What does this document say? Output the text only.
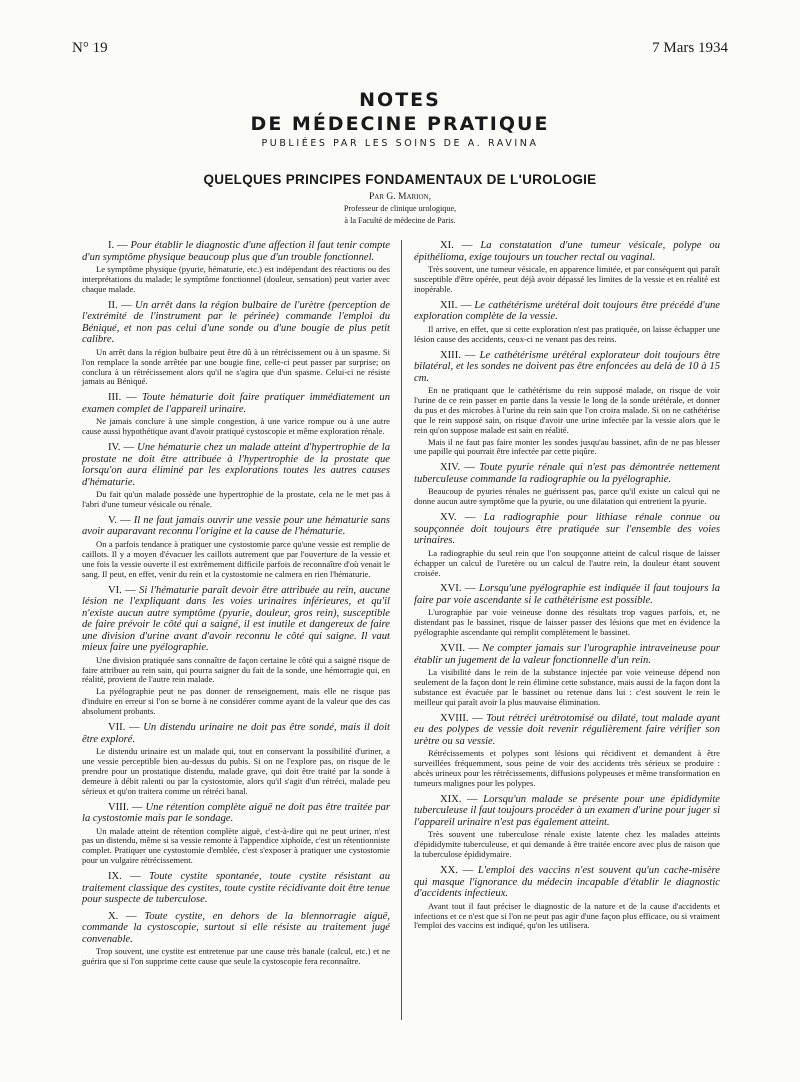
N° 19	7 Mars 1934
NOTES
DE MÉDECINE PRATIQUE
PUBLIÉES PAR LES SOINS DE A. RAVINA
QUELQUES PRINCIPES FONDAMENTAUX DE L'UROLOGIE
Par G. Marion,
Professeur de clinique urologique,
à la Faculté de médecine de Paris.

I. — Pour établir le diagnostic d'une affection il faut tenir compte d'un symptôme physique beaucoup plus que d'un trouble fonctionnel.

Le symptôme physique (pyurie, hématurie, etc.) est indépendant des réactions ou des interprétations du malade; le symptôme fonctionnel (douleur, sensation) peut varier avec chaque malade.

II. — Un arrêt dans la région bulbaire de l'urètre (perception de l'extrémité de l'instrument par le périnée) commande l'emploi du Béniqué, et non pas celui d'une sonde ou d'une bougie de plus petit calibre.

Un arrêt dans la région bulbaire peut être dû à un rétrécissement ou à un spasme. Si l'on remplace la sonde arrêtée par une bougie fine, celle-ci peut passer par surprise; on conclura à un rétrécissement alors qu'il ne s'agira que d'un spasme. Celui-ci ne résiste jamais au Béniqué.

III. — Toute hématurie doit faire pratiquer immédiatement un examen complet de l'appareil urinaire.

Ne jamais conclure à une simple congestion, à une varice rompue ou à une autre cause aussi hypothétique avant d'avoir pratiqué cystoscopie et même exploration rénale.

IV. — Une hématurie chez un malade atteint d'hypertrophie de la prostate ne doit être attribuée à l'hypertrophie de la prostate que lorsqu'on aura éliminé par les explorations toutes les autres causes d'hématurie.

Du fait qu'un malade possède une hypertrophie de la prostate, cela ne le met pas à l'abri d'une tumeur vésicale ou rénale.

V. — Il ne faut jamais ouvrir une vessie pour une hématurie sans avoir auparavant reconnu l'origine et la cause de l'hématurie.

On a parfois tendance à pratiquer une cystostomie parce qu'une vessie est remplie de caillots. Il y a moyen d'évacuer les caillots autrement que par l'ouverture de la vessie et une fois la vessie ouverte il est extrêmement difficile parfois de reconnaître d'où venait le sang. Il peut, en effet, venir du rein et la cystostomie ne calmera en rien l'hématurie.

VI. — Si l'hématurie paraît devoir être attribuée au rein, aucune lésion ne l'expliquant dans les voies urinaires inférieures, et qu'il n'existe aucun autre symptôme (pyurie, douleur, gros rein), susceptible de faire prévoir le côté qui a saigné, il est inutile et dangereux de faire une division d'urine avant d'avoir reconnu le côté qui saigne. Il vaut mieux faire une pyélographie.

Une division pratiquée sans connaître de façon certaine le côté qui a saigné risque de faire attribuer au rein sain, qui pourra saigner du fait de la sonde, une hémorragie qui, en réalité, provient de l'autre rein malade.

La pyélographie peut ne pas donner de renseignement, mais elle ne risque pas d'induire en erreur si l'on se borne à ne considérer comme ayant de la valeur que des cas absolument probants.

VII. — Un distendu urinaire ne doit pas être sondé, mais il doit être exploré.

Le distendu urinaire est un malade qui, tout en conservant la possibilité d'uriner, a une vessie perceptible bien au-dessus du pubis. Si on ne l'explore pas, on risque de le prendre pour un prostatique distendu, malade grave, qui doit être traité par la sonde à demeure à débit ralenti ou par la cystostomie, alors qu'il s'agit d'un rétréci, malade peu sérieux et qu'on traitera comme un rétréci banal.

VIII. — Une rétention complète aiguë ne doit pas être traitée par la cystostomie mais par le sondage.

Un malade atteint de rétention complète aiguë, c'est-à-dire qui ne peut uriner, n'est pas un distendu, même si sa vessie remonte à l'appendice xiphoïde, c'est un rétentionniste complet. Pratiquer une cystostomie d'emblée, c'est s'exposer à pratiquer une cystostomie pour un vulgaire rétrécissement.

IX. — Toute cystite spontanée, toute cystite résistant au traitement classique des cystites, toute cystite récidivante doit être tenue pour suspecte de tuberculose.

X. — Toute cystite, en dehors de la blennorragie aiguë, commande la cystoscopie, surtout si elle résiste au traitement jugé convenable.

Trop souvent, une cystite est entretenue par une cause très banale (calcul, etc.) et ne guérira que si l'on supprime cette cause que seule la cystoscopie fera reconnaître.

XI. — La constatation d'une tumeur vésicale, polype ou épithélioma, exige toujours un toucher rectal ou vaginal.

Très souvent, une tumeur vésicale, en apparence limitée, et par conséquent qui paraît susceptible d'être opérée, peut déjà avoir dépassé les limites de la vessie et en réalité est inopérable.

XII. — Le cathétérisme urétéral doit toujours être précédé d'une exploration complète de la vessie.

Il arrive, en effet, que si cette exploration n'est pas pratiquée, on laisse échapper une lésion cause des accidents, ceux-ci ne venant pas des reins.

XIII. — Le cathétérisme urétéral explorateur doit toujours être bilatéral, et les sondes ne doivent pas être enfoncées au delà de 10 à 15 cm.

En ne pratiquant que le cathétérisme du rein supposé malade, on risque de voir l'urine de ce rein passer en partie dans la vessie le long de la sonde urétérale, et donner du pus et des microbes à l'urine du rein sain que l'on croira malade. Si on ne cathétérise que le rein supposé sain, on risque d'avoir une urine infectée par la vessie alors que le rein qu'on suppose malade est sain en réalité.

Mais il ne faut pas faire monter les sondes jusqu'au bassinet, afin de ne pas blesser une papille qui pourrait être infectée par cette piqûre.

XIV. — Toute pyurie rénale qui n'est pas démontrée nettement tuberculeuse commande la radiographie ou la pyélographie.

Beaucoup de pyuries rénales ne guérissent pas, parce qu'il existe un calcul qui ne donne aucun autre symptôme que la pyurie, ou une dilatation qui entretient la pyurie.

XV. — La radiographie pour lithiase rénale connue ou soupçonnée doit toujours être pratiquée sur l'ensemble des voies urinaires.

La radiographie du seul rein que l'on soupçonne atteint de calcul risque de laisser échapper un calcul de l'uretère ou un calcul de l'autre rein, la douleur étant souvent croisée.

XVI. — Lorsqu'une pyélographie est indiquée il faut toujours la faire par voie ascendante si le cathétérisme est possible.

L'urographie par voie veineuse donne des résultats trop vagues parfois, et, ne distendant pas le bassinet, risque de laisser passer des lésions que met en évidence la pyélographie ascendante qui remplit complètement le bassinet.

XVII. — Ne compter jamais sur l'urographie intraveineuse pour établir un jugement de la valeur fonctionnelle d'un rein.

La visibilité dans le rein de la substance injectée par voie veineuse dépend non seulement de la façon dont le rein élimine cette substance, mais aussi de la façon dont la substance est évacuée par le bassinet ou retenue dans lui : c'est souvent le rein le meilleur qui paraît avoir la plus mauvaise élimination.

XVIII. — Tout rétréci urétrotomisé ou dilaté, tout malade ayant eu des polypes de vessie doit revenir régulièrement faire vérifier son urètre ou sa vessie.

Rétrécissements et polypes sont lésions qui récidivent et demandent à être surveillées fréquemment, sous peine de voir des accidents très sérieux se produire : abcès urineux pour les rétrécissements, diffusions polypeuses et même transformation en tumeurs malignes pour les polypes.

XIX. — Lorsqu'un malade se présente pour une épididymite tuberculeuse il faut toujours procéder à un examen d'urine pour juger si l'appareil urinaire n'est pas également atteint.

Très souvent une tuberculose rénale existe latente chez les malades atteints d'épididymite tuberculeuse, et qui demande à être traitée encore avec plus de raison que la tuberculose épididymaire.

XX. — L'emploi des vaccins n'est souvent qu'un cache-misère qui masque l'ignorance du médecin incapable d'établir le diagnostic d'accidents infectieux.

Avant tout il faut préciser le diagnostic de la nature et de la cause d'accidents et infections et ce n'est que si l'on ne peut pas agir d'une façon plus efficace, ou si vraiment l'emploi des vaccins est indiqué, qu'on les utilisera.
